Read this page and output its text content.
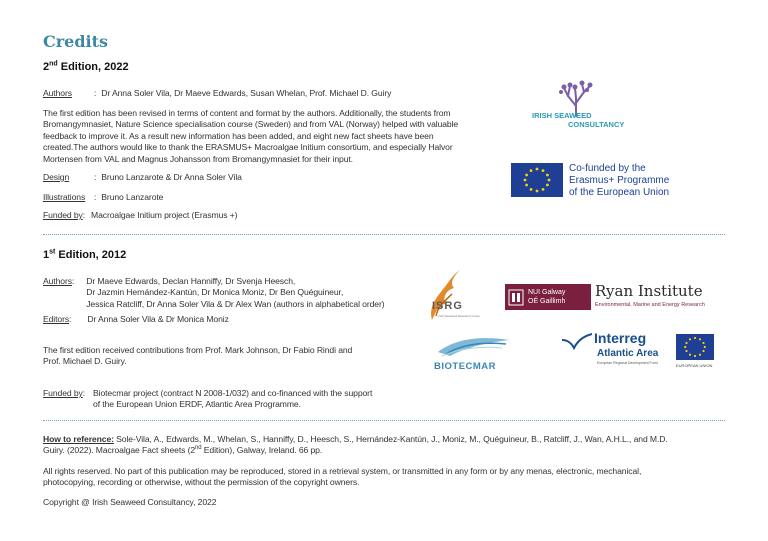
Credits
2nd Edition, 2022
Authors	: Dr Anna Soler Vila, Dr Maeve Edwards, Susan Whelan, Prof. Michael D. Guiry
The first edition has been revised in terms of content and format by the authors. Additionally, the students from
Bromangymnasiet, Nature Science specialisation course (Sweden) and from VAL (Norway) helped with valuable
feedback to improve it. As a result new information has been added, and eight new fact sheets have been
created.The authors would like to thank the ERASMUS+ Macroalgae Initium consortium, and especially Halvor
Mortensen from VAL and Magnus Johansson from Bromangymnasiet for their input.
Design	: Bruno Lanzarote & Dr Anna Soler Vila
Illustrations	: Bruno Lanzarote
Funded by : Macroalgae Initium project (Erasmus +)
IRISH SEAWEED
CONSULTANCY
Co-funded by the
Erasmus+ Programme
of the European Union
1st Edition, 2012
Authors : Dr Maeve Edwards, Declan Hanniffy, Dr Svenja Heesch,
Dr Jazmin Hernández-Kantún, Dr Monica Moniz, Dr Ben Quéguineur,
Jessica Ratcliff, Dr Anna Soler Vila & Dr Alex Wan (authors in alphabetical order)
Editors : Dr Anna Soler Vila & Dr Monica Moniz
The first edition received contributions from Prof. Mark Johnson, Dr Fabio Rindi and
Prof. Michael D. Guiry.
Funded by : Biotecmar project (contract N 2008-1/032) and co-financed with the support
of the European Union ERDF, Atlantic Area Programme.
ISRG
Irish Seaweed Research Group
NUI Galway
OÉ Gaillimh
Ryan Institute
Environmental, Marine and Energy Research
BIOTECMAR
Interreg
Atlantic Area
European Regional Development Fund	EUROPEAN UNION
How to reference: Sole-Vila, A., Edwards, M., Whelan, S., Hanniffy, D., Heesch, S., Hernández-Kantún, J., Moniz, M., Quéguineur, B., Ratcliff, J., Wan, A.H.L., and M.D.
Guiry. (2022). Macroalgae Fact sheets (2nd Edition), Galway, Ireland. 66 pp.
All rights reserved. No part of this publication may be reproduced, stored in a retrieval system, or transmitted in any form or by any menas, electronic, mechanical,
photocopying, recording or otherwise, without the permission of the copyright owners.
Copyright @ Irish Seaweed Consultancy, 2022
